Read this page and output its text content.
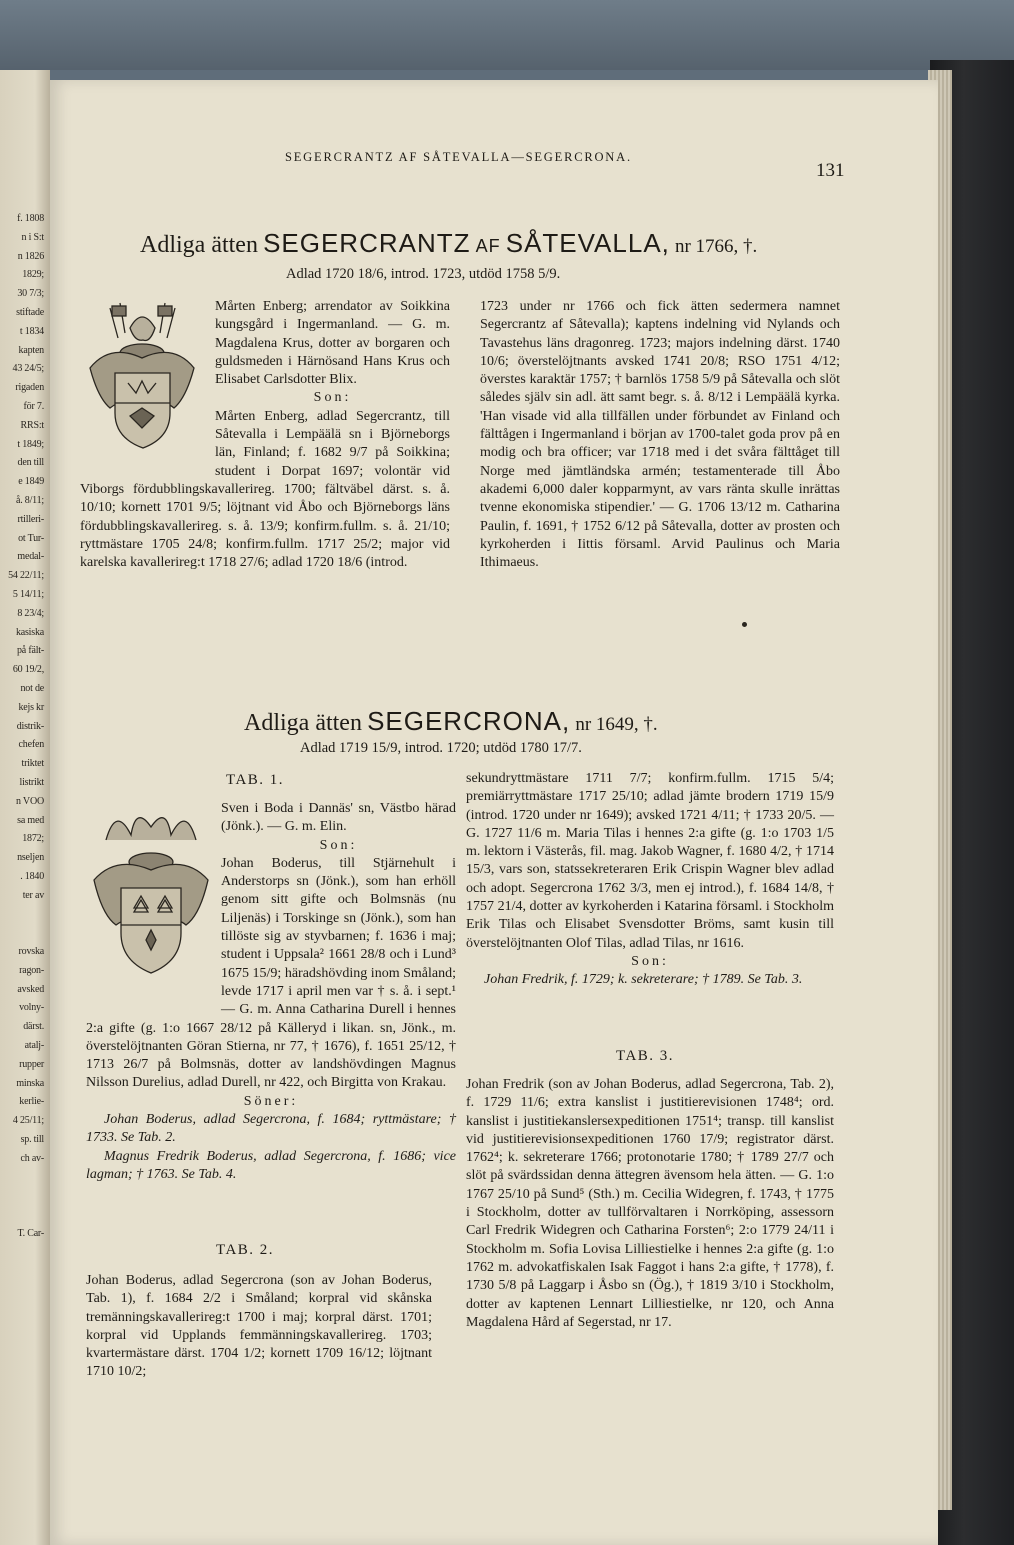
f. 1808
n i S:t
n 1826
1829;
30 7/3;
stiftade
t 1834
kapten
43 24/5;
rigaden
för 7.
RRS:t
t 1849;
den till
e 1849
å. 8/11;
rtilleri-
ot Tur-
medal-
54 22/11;
5 14/11;
8 23/4;
kasiska
på fält-
60 19/2,
not de
kejs kr
distrik-
chefen
triktet
listrikt
n VOO
sa med
1872;
nseljen
. 1840
ter av

rovska
ragon-
avsked
volny-
därst.
atalj-
rupper
minska
kerlie-
4 25/11;
sp. till
ch av-

T. Car-
SEGERCRANTZ AF SÅTEVALLA—SEGERCRONA.
131
Adliga ätten SEGERCRANTZ AF SÅTEVALLA, nr 1766, †.
Adlad 1720 18/6, introd. 1723, utdöd 1758 5/9.

Mårten Enberg; arrendator av Soikkina kungsgård i Ingermanland. — G. m. Magdalena Krus, dotter av borgaren och guldsmeden i Härnösand Hans Krus och Elisabet Carlsdotter Blix.

Son:

Mårten Enberg, adlad Segercrantz, till Såtevalla i Lempäälä sn i Björneborgs län, Finland; f. 1682 9/7 på Soikkina; student i Dorpat 1697; volontär vid Viborgs fördubblingskavallerireg. 1700; fältväbel därst. s. å. 10/10; kornett 1701 9/5; löjtnant vid Åbo och Björneborgs läns fördubblingskavallerireg. s. å. 13/9; konfirm.fullm. s. å. 21/10; ryttmästare 1705 24/8; konfirm.fullm. 1717 25/2; major vid karelska kavallerireg:t 1718 27/6; adlad 1720 18/6 (introd.

1723 under nr 1766 och fick ätten sedermera namnet Segercrantz af Såtevalla); kaptens indelning vid Nylands och Tavastehus läns dragonreg. 1723; majors indelning därst. 1740 10/6; överstelöjtnants avsked 1741 20/8; RSO 1751 4/12; överstes karaktär 1757; † barnlös 1758 5/9 på Såtevalla och slöt således själv sin adl. ätt samt begr. s. å. 8/12 i Lempäälä kyrka. 'Han visade vid alla tillfällen under förbundet av Finland och fälttågen i Ingermanland i början av 1700-talet goda prov på en modig och bra officer; var 1718 med i det svåra fälttåget till Norge med jämtländska armén; testamenterade till Åbo akademi 6,000 daler kopparmynt, av vars ränta skulle inrättas tvenne ekonomiska stipendier.' — G. 1706 13/12 m. Catharina Paulin, f. 1691, † 1752 6/12 på Såtevalla, dotter av prosten och kyrkoherden i Iittis församl. Arvid Paulinus och Maria Ithimaeus.

Adliga ätten SEGERCRONA, nr 1649, †.
Adlad 1719 15/9, introd. 1720; utdöd 1780 17/7.
TAB. 1.

Sven i Boda i Dannäs' sn, Västbo härad (Jönk.). — G. m. Elin.

Son:

Johan Boderus, till Stjärnehult i Anderstorps sn (Jönk.), som han erhöll genom sitt gifte och Bolmsnäs (nu Liljenäs) i Torskinge sn (Jönk.), som han tillöste sig av styvbarnen; f. 1636 i maj; student i Uppsala² 1661 28/8 och i Lund³ 1675 15/9; häradshövding inom Småland; levde 1717 i april men var † s. å. i sept.¹ — G. m. Anna Catharina Durell i hennes 2:a gifte (g. 1:o 1667 28/12 på Källeryd i likan. sn, Jönk., m. överstelöjtnanten Göran Stierna, nr 77, † 1676), f. 1651 25/12, † 1713 26/7 på Bolmsnäs, dotter av landshövdingen Magnus Nilsson Durelius, adlad Durell, nr 422, och Birgitta von Krakau.

Söner:

Johan Boderus, adlad Segercrona, f. 1684; ryttmästare; † 1733. Se Tab. 2.

Magnus Fredrik Boderus, adlad Segercrona, f. 1686; vice lagman; † 1763. Se Tab. 4.

TAB. 2.

Johan Boderus, adlad Segercrona (son av Johan Boderus, Tab. 1), f. 1684 2/2 i Småland; korpral vid skånska tremänningskavallerireg:t 1700 i maj; korpral därst. 1701; korpral vid Upplands femmänningskavallerireg. 1703; kvartermästare därst. 1704 1/2; kornett 1709 16/12; löjtnant 1710 10/2;

sekundryttmästare 1711 7/7; konfirm.fullm. 1715 5/4; premiärryttmästare 1717 25/10; adlad jämte brodern 1719 15/9 (introd. 1720 under nr 1649); avsked 1721 4/11; † 1733 20/5. — G. 1727 11/6 m. Maria Tilas i hennes 2:a gifte (g. 1:o 1703 1/5 m. lektorn i Västerås, fil. mag. Jakob Wagner, f. 1680 4/2, † 1714 15/3, vars son, statssekreteraren Erik Crispin Wagner blev adlad och adopt. Segercrona 1762 3/3, men ej introd.), f. 1684 14/8, † 1757 21/4, dotter av kyrkoherden i Katarina församl. i Stockholm Erik Tilas och Elisabet Svensdotter Bröms, samt kusin till överstelöjtnanten Olof Tilas, adlad Tilas, nr 1616.

Son:

Johan Fredrik, f. 1729; k. sekreterare; † 1789. Se Tab. 3.

TAB. 3.

Johan Fredrik (son av Johan Boderus, adlad Segercrona, Tab. 2), f. 1729 11/6; extra kanslist i justitierevisionen 1748⁴; ord. kanslist i justitiekanslersexpeditionen 1751⁴; transp. till kanslist vid justitierevisionsexpeditionen 1760 17/9; registrator därst. 1762⁴; k. sekreterare 1766; protonotarie 1780; † 1789 27/7 och slöt på svärdssidan denna ättegren ävensom hela ätten. — G. 1:o 1767 25/10 på Sund⁵ (Sth.) m. Cecilia Widegren, f. 1743, † 1775 i Stockholm, dotter av tullförvaltaren i Norrköping, assessorn Carl Fredrik Widegren och Catharina Forsten⁶; 2:o 1779 24/11 i Stockholm m. Sofia Lovisa Lilliestielke i hennes 2:a gifte (g. 1:o 1762 m. advokatfiskalen Isak Faggot i hans 2:a gifte, † 1778), f. 1730 5/8 på Laggarp i Åsbo sn (Ög.), † 1819 3/10 i Stockholm, dotter av kaptenen Lennart Lilliestielke, nr 120, och Anna Magdalena Hård af Segerstad, nr 17.
